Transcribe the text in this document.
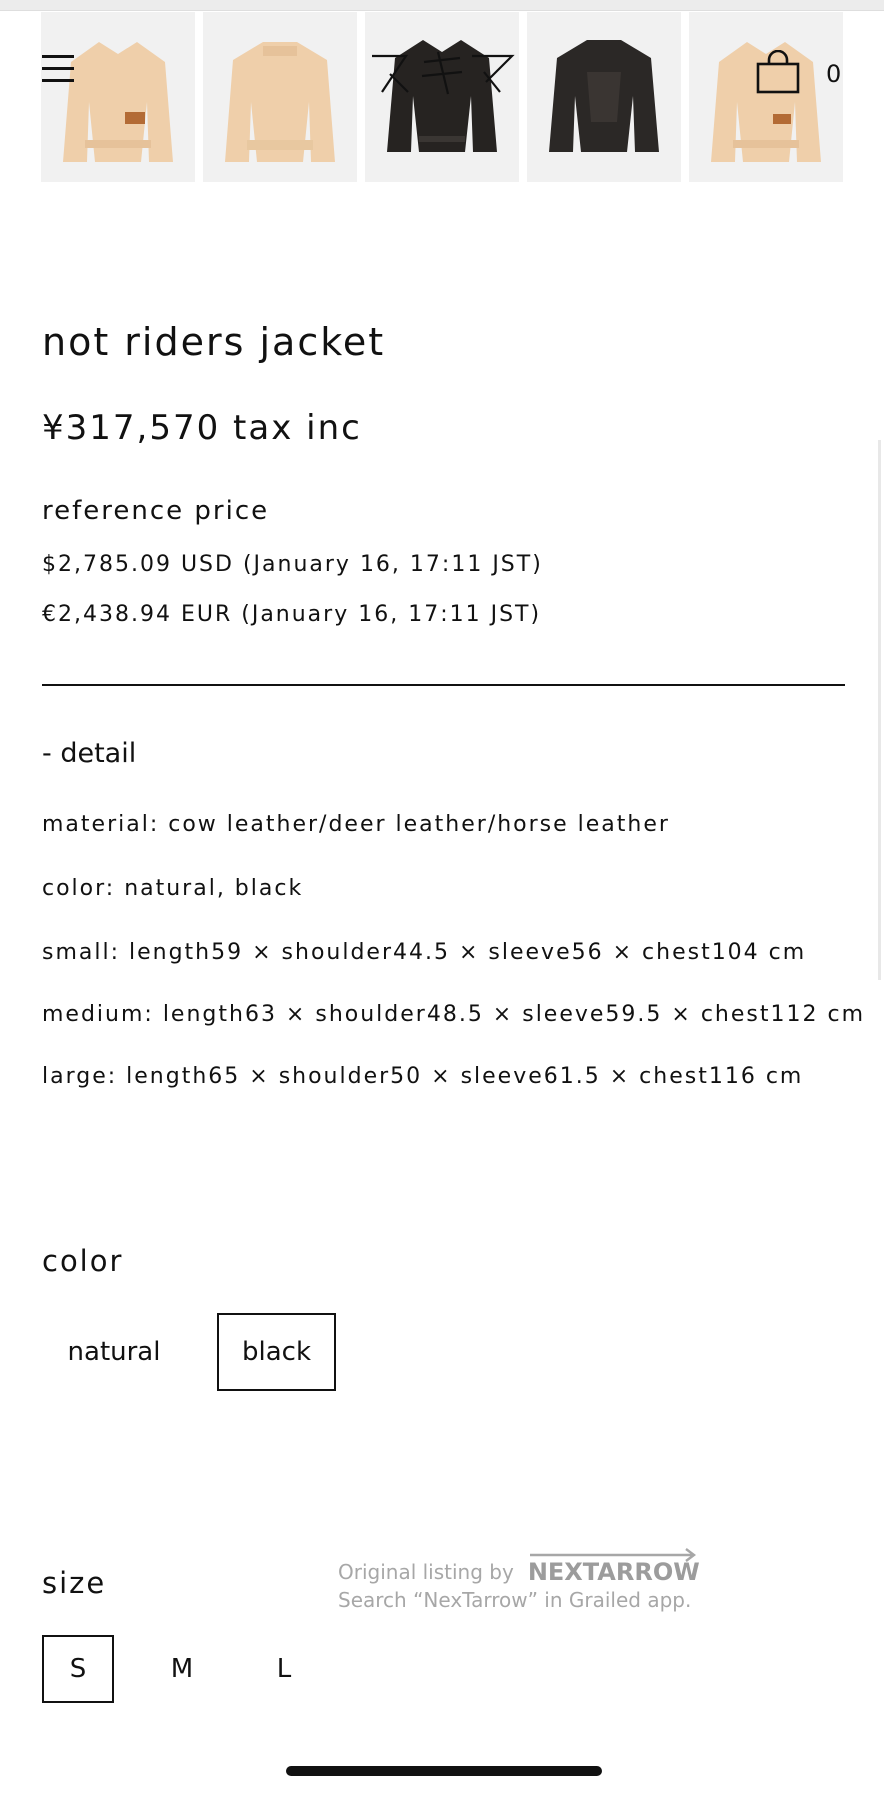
0
not riders jacket
¥317,570 tax inc
reference price
$2,785.09 USD (January 16, 17:11 JST)
€2,438.94 EUR (January 16, 17:11 JST)
- detail
material: cow leather/deer leather/horse leather
color: natural, black
small: length59 × shoulder44.5 × sleeve56 × chest104 cm
medium: length63 × shoulder48.5 × sleeve59.5 × chest112 cm
large: length65 × shoulder50 × sleeve61.5 × chest116 cm
color
natural	black
size
S	M	L
Original listing by NEXTARROW
Search “NexTarrow” in Grailed app.
